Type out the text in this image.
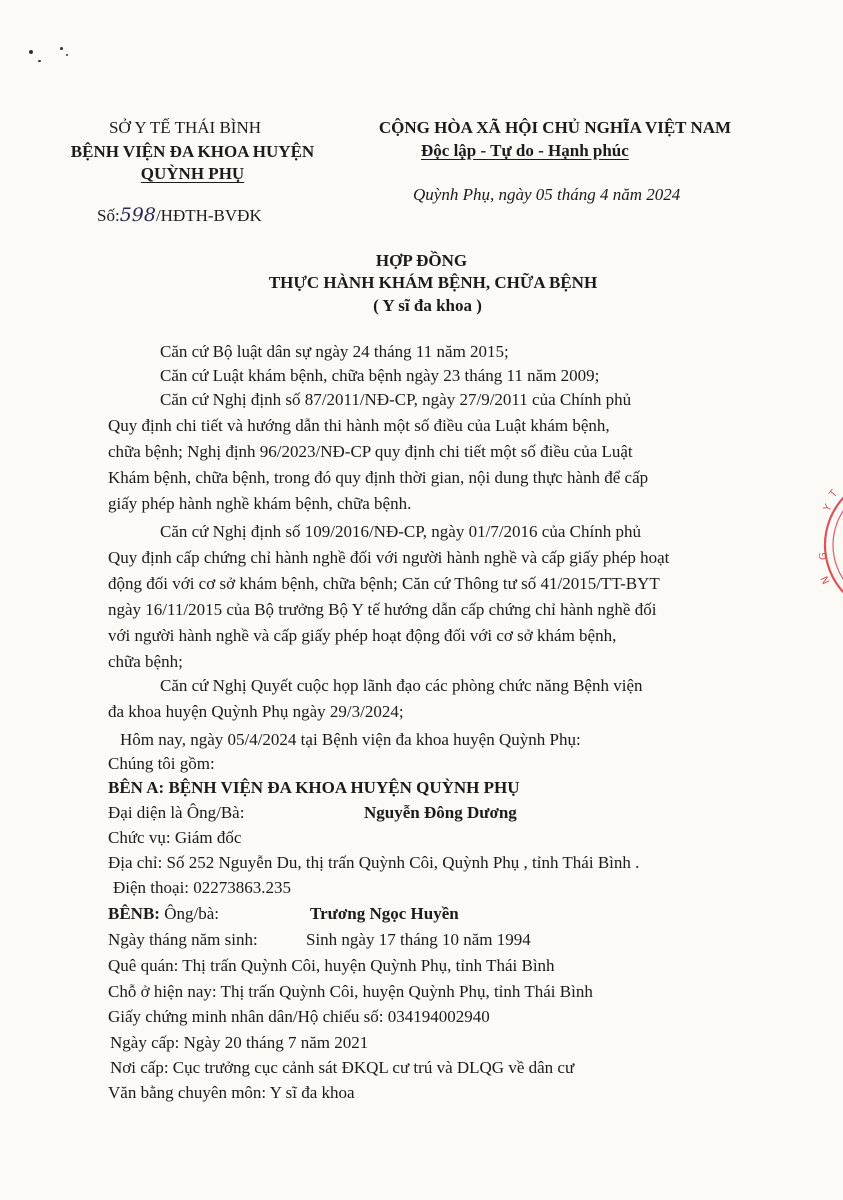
SỞ Y TẾ THÁI BÌNH
BỆNH VIỆN ĐA KHOA HUYỆN
QUỲNH PHỤ
Số:598/HĐTH-BVĐK
CỘNG HÒA XÃ HỘI CHỦ NGHĨA VIỆT NAM
Độc lập - Tự do - Hạnh phúc
Quỳnh Phụ, ngày 05 tháng 4 năm 2024
HỢP ĐỒNG
THỰC HÀNH KHÁM BỆNH, CHỮA BỆNH
( Y sĩ đa khoa )
Căn cứ Bộ luật dân sự ngày 24 tháng 11 năm 2015;
Căn cứ Luật khám bệnh, chữa bệnh ngày 23 tháng 11 năm 2009;
Căn cứ Nghị định số 87/2011/NĐ-CP, ngày 27/9/2011 của Chính phủ
Quy định chi tiết và hướng dẫn thi hành một số điều của Luật khám bệnh,
chữa bệnh; Nghị định 96/2023/NĐ-CP quy định chi tiết một số điều của Luật
Khám bệnh, chữa bệnh, trong đó quy định thời gian, nội dung thực hành để cấp
giấy phép hành nghề khám bệnh, chữa bệnh.
Căn cứ Nghị định số 109/2016/NĐ-CP, ngày 01/7/2016 của Chính phủ
Quy định cấp chứng chỉ hành nghề đối với người hành nghề và cấp giấy phép hoạt
động đối với cơ sở khám bệnh, chữa bệnh; Căn cứ Thông tư số 41/2015/TT-BYT
ngày 16/11/2015 của Bộ trưởng Bộ Y tế hướng dẫn cấp chứng chỉ hành nghề đối
với người hành nghề và cấp giấy phép hoạt động đối với cơ sở khám bệnh,
chữa bệnh;
Căn cứ Nghị Quyết cuộc họp lãnh đạo các phòng chức năng Bệnh viện
đa khoa huyện Quỳnh Phụ ngày 29/3/2024;
Hôm nay, ngày 05/4/2024 tại Bệnh viện đa khoa huyện Quỳnh Phụ:
Chúng tôi gồm:
BÊN A: BỆNH VIỆN ĐA KHOA HUYỆN QUỲNH PHỤ
Đại diện là Ông/Bà:	Nguyễn Đông Dương
Chức vụ: Giám đốc
Địa chỉ: Số 252 Nguyễn Du, thị trấn Quỳnh Côi, Quỳnh Phụ , tỉnh Thái Bình .
Điện thoại: 02273863.235
BÊNB: Ông/bà:	Trương Ngọc Huyền
Ngày tháng năm sinh:	Sinh ngày 17 tháng 10 năm 1994
Quê quán: Thị trấn Quỳnh Côi, huyện Quỳnh Phụ, tỉnh Thái Bình
Chỗ ở hiện nay: Thị trấn Quỳnh Côi, huyện Quỳnh Phụ, tỉnh Thái Bình
Giấy chứng minh nhân dân/Hộ chiếu số: 034194002940
Ngày cấp: Ngày 20 tháng 7 năm 2021
Nơi cấp: Cục trưởng cục cảnh sát ĐKQL cư trú và DLQG về dân cư
Văn bằng chuyên môn: Y sĩ đa khoa
Y
T
G
N
